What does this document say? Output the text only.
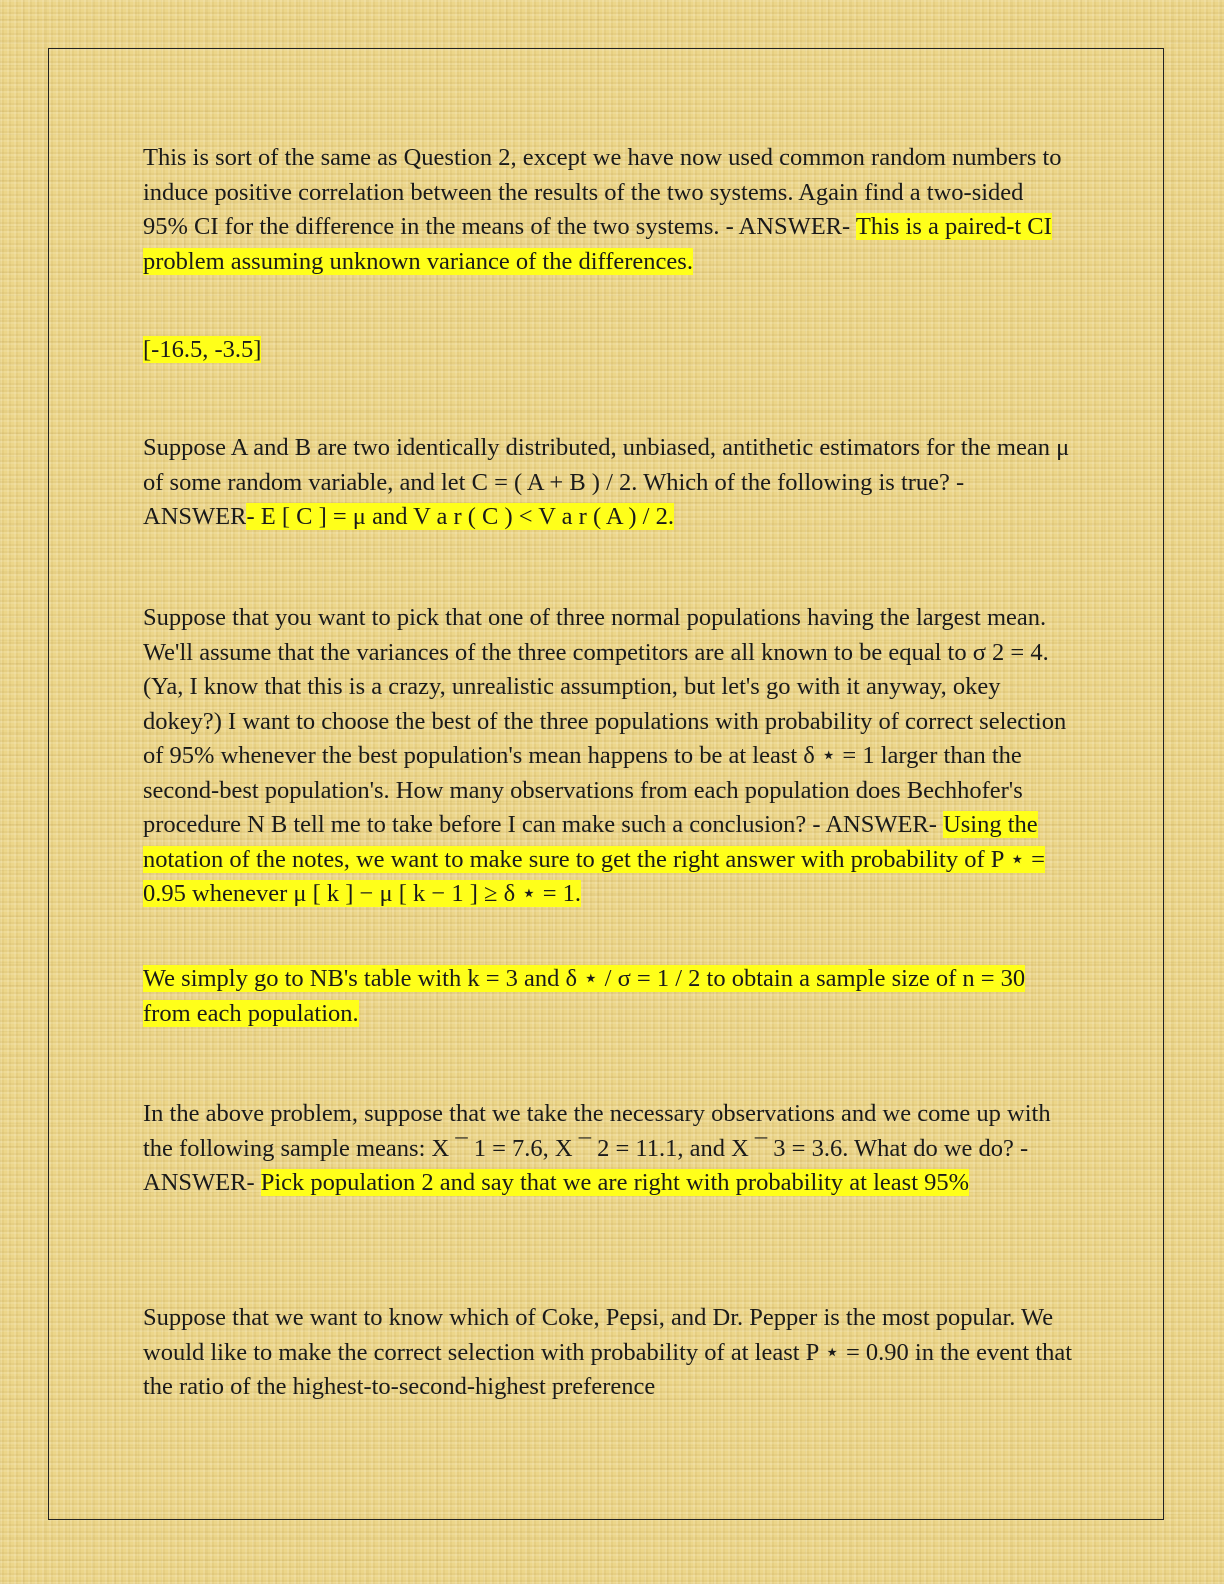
This is sort of the same as Question 2, except we have now used common random numbers to induce positive correlation between the results of the two systems. Again find a two-sided 95% CI for the difference in the means of the two systems. - ANSWER- This is a paired-t CI problem assuming unknown variance of the differences.

[-16.5, -3.5]

Suppose A and B are two identically distributed, unbiased, antithetic estimators for the mean μ of some random variable, and let C = ( A + B ) / 2. Which of the following is true? - ANSWER- E [ C ] = μ and V a r ( C ) < V a r ( A ) / 2.

Suppose that you want to pick that one of three normal populations having the largest mean. We'll assume that the variances of the three competitors are all known to be equal to σ 2 = 4. (Ya, I know that this is a crazy, unrealistic assumption, but let's go with it anyway, okey dokey?) I want to choose the best of the three populations with probability of correct selection of 95% whenever the best population's mean happens to be at least δ ⋆ = 1 larger than the second-best population's. How many observations from each population does Bechhofer's procedure N B tell me to take before I can make such a conclusion? - ANSWER- Using the notation of the notes, we want to make sure to get the right answer with probability of P ⋆ = 0.95 whenever μ [ k ] − μ [ k − 1 ] ≥ δ ⋆ = 1.

We simply go to NB's table with k = 3 and δ ⋆ / σ = 1 / 2 to obtain a sample size of n = 30 from each population.

In the above problem, suppose that we take the necessary observations and we come up with the following sample means: X ¯ 1 = 7.6, X ¯ 2 = 11.1, and X ¯ 3 = 3.6. What do we do? - ANSWER- Pick population 2 and say that we are right with probability at least 95%

Suppose that we want to know which of Coke, Pepsi, and Dr. Pepper is the most popular. We would like to make the correct selection with probability of at least P ⋆ = 0.90 in the event that the ratio of the highest-to-second-highest preference
